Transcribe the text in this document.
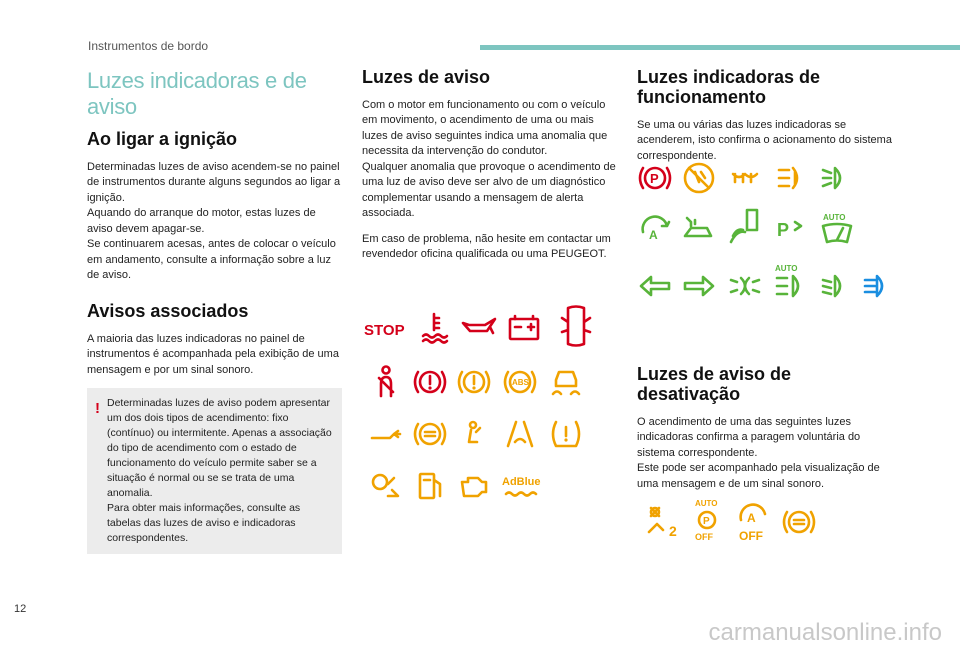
Instrumentos de bordo
Luzes indicadoras e de aviso
Ao ligar a ignição

Determinadas luzes de aviso acendem-se no painel de instrumentos durante alguns segundos ao ligar a ignição.

Aquando do arranque do motor, estas luzes de aviso devem apagar-se.

Se continuarem acesas, antes de colocar o veículo em andamento, consulte a informação sobre a luz de aviso.

Avisos associados

A maioria das luzes indicadoras no painel de instrumentos é acompanhada pela exibição de uma mensagem e por um sinal sonoro.

! Determinadas luzes de aviso podem apresentar um dos dois tipos de acendimento: fixo (contínuo) ou intermitente. Apenas a associação do tipo de acendimento com o estado de funcionamento do veículo permite saber se a situação é normal ou se se trata de uma anomalia.

Para obter mais informações, consulte as tabelas das luzes de aviso e indicadoras correspondentes.

Luzes de aviso

Com o motor em funcionamento ou com o veículo em movimento, o acendimento de uma ou mais luzes de aviso seguintes indica uma anomalia que necessita da intervenção do condutor.

Qualquer anomalia que provoque o acendimento de uma luz de aviso deve ser alvo de um diagnóstico complementar usando a mensagem de alerta associada.

Em caso de problema, não hesite em contactar um revendedor oficina qualificada ou uma PEUGEOT.

STOP
ABS
AdBlue
Luzes indicadoras de funcionamento

Se uma ou várias das luzes indicadoras se acenderem, isto confirma o acionamento do sistema correspondente.

P
A	P
AUTO
AUTO
Luzes de aviso de desativação

O acendimento de uma das seguintes luzes indicadoras confirma a paragem voluntária do sistema correspondente.

Este pode ser acompanhado pela visualização de uma mensagem e de um sinal sonoro.

2
AUTO
P
OFF
A
OFF
12
carmanualsonline.info
